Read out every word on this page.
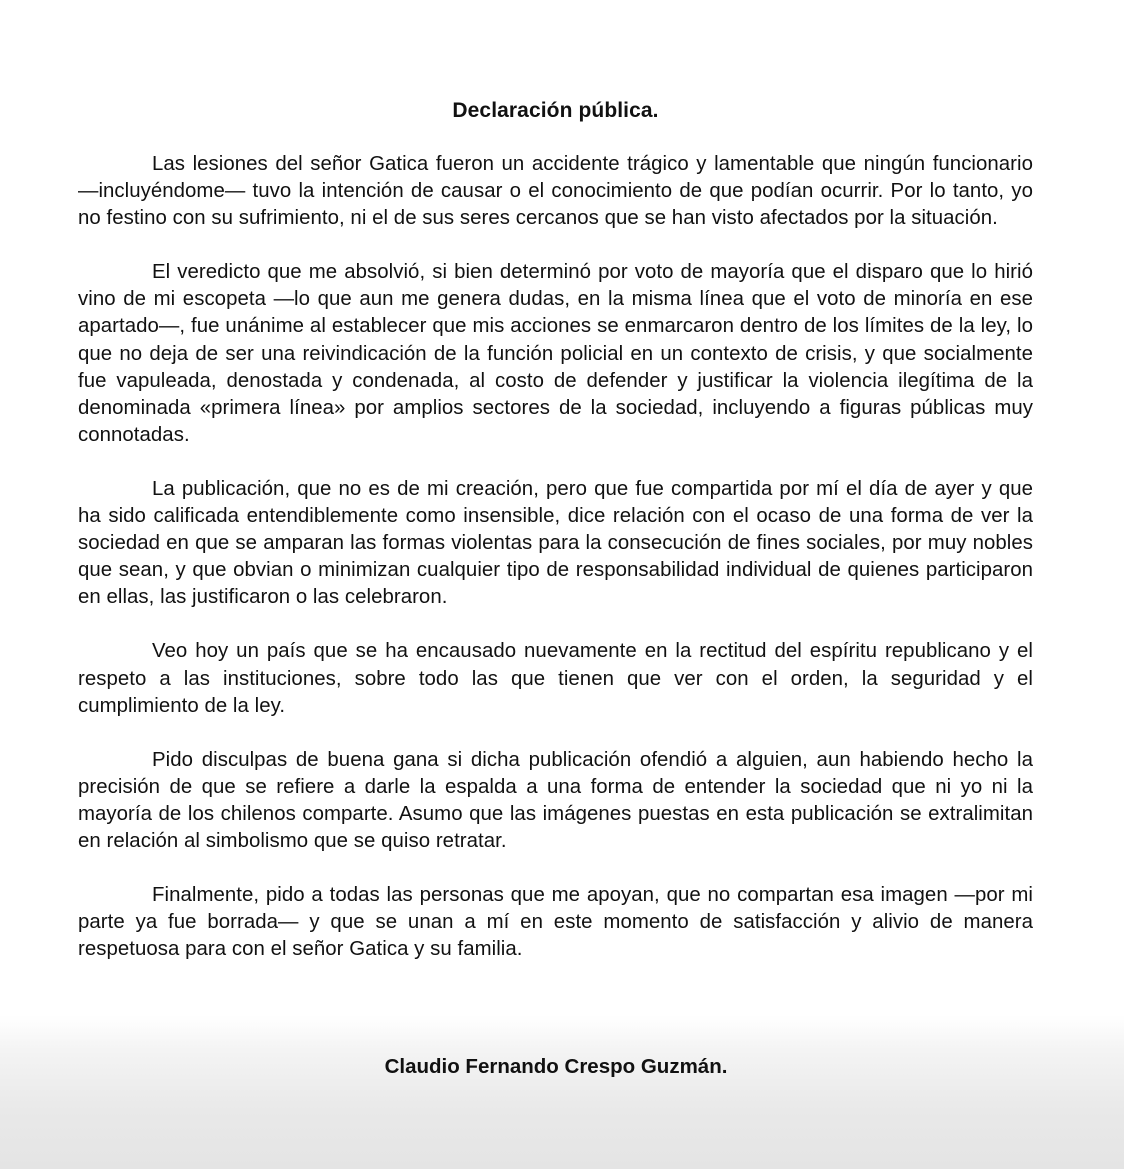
Declaración pública.

Las lesiones del señor Gatica fueron un accidente trágico y lamentable que ningún funcionario —incluyéndome— tuvo la intención de causar o el conocimiento de que podían ocurrir. Por lo tanto, yo no festino con su sufrimiento, ni el de sus seres cercanos que se han visto afectados por la situación.

El veredicto que me absolvió, si bien determinó por voto de mayoría que el disparo que lo hirió vino de mi escopeta —lo que aun me genera dudas, en la misma línea que el voto de minoría en ese apartado—, fue unánime al establecer que mis acciones se enmarcaron dentro de los límites de la ley, lo que no deja de ser una reivindicación de la función policial en un contexto de crisis, y que socialmente fue vapuleada, denostada y condenada, al costo de defender y justificar la violencia ilegítima de la denominada «primera línea» por amplios sectores de la sociedad, incluyendo a figuras públicas muy connotadas.

La publicación, que no es de mi creación, pero que fue compartida por mí el día de ayer y que ha sido calificada entendiblemente como insensible, dice relación con el ocaso de una forma de ver la sociedad en que se amparan las formas violentas para la consecución de fines sociales, por muy nobles que sean, y que obvian o minimizan cualquier tipo de responsabilidad individual de quienes participaron en ellas, las justificaron o las celebraron.

Veo hoy un país que se ha encausado nuevamente en la rectitud del espíritu republicano y el respeto a las instituciones, sobre todo las que tienen que ver con el orden, la seguridad y el cumplimiento de la ley.

Pido disculpas de buena gana si dicha publicación ofendió a alguien, aun habiendo hecho la precisión de que se refiere a darle la espalda a una forma de entender la sociedad que ni yo ni la mayoría de los chilenos comparte. Asumo que las imágenes puestas en esta publicación se extralimitan en relación al simbolismo que se quiso retratar.

Finalmente, pido a todas las personas que me apoyan, que no compartan esa imagen —por mi parte ya fue borrada— y que se unan a mí en este momento de satisfacción y alivio de manera respetuosa para con el señor Gatica y su familia.

Claudio Fernando Crespo Guzmán.
